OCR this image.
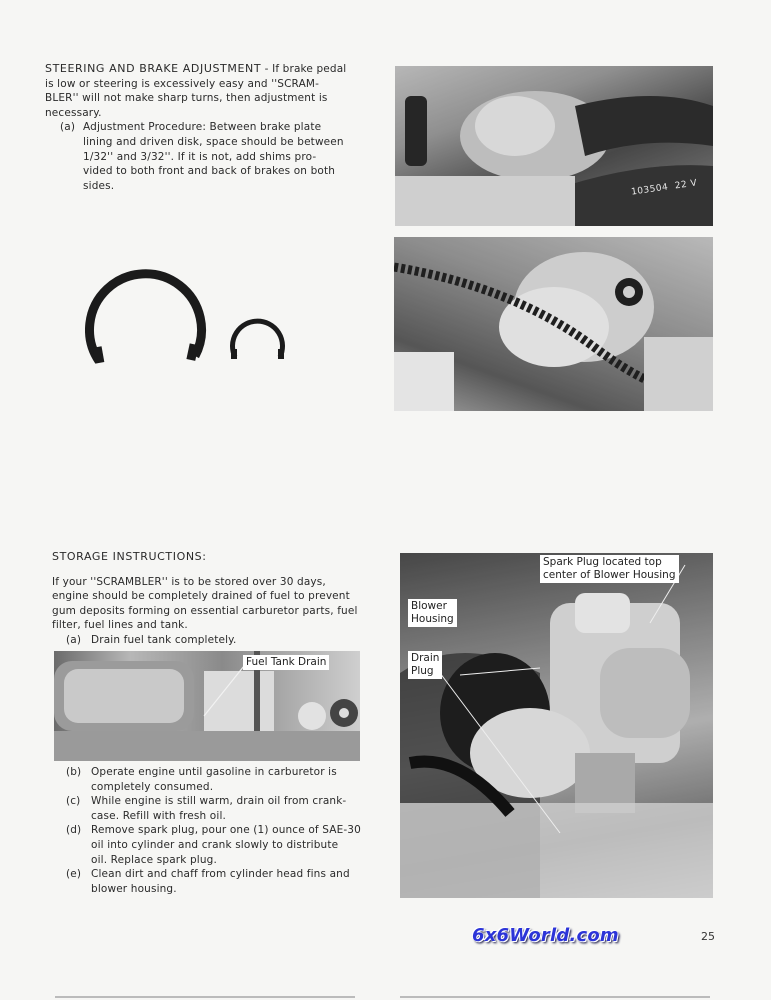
STEERING AND BRAKE ADJUSTMENT - If brake pedal
is low or steering is excessively easy and ''SCRAM-
BLER'' will not make sharp turns, then adjustment is
necessary.
(a) Adjustment Procedure: Between brake plate
lining and driven disk, space should be between
1/32'' and 3/32''. If it is not, add shims pro-
vided to both front and back of brakes on both
sides.	103504 22 V
STORAGE INSTRUCTIONS:
If your ''SCRAMBLER'' is to be stored over 30 days,
engine should be completely drained of fuel to prevent
gum deposits forming on essential carburetor parts, fuel
filter, fuel lines and tank.
(a) Drain fuel tank completely.
Fuel Tank Drain
(b) Operate engine until gasoline in carburetor is
completely consumed.
(c)	While engine is still warm, drain oil from crank-
case. Refill with fresh oil.
(d) Remove spark plug, pour one (1) ounce of SAE-30
oil into cylinder and crank slowly to distribute
oil. Replace spark plug.
(e) Clean dirt and chaff from cylinder head fins and
blower housing.
Spark Plug located top
center of Blower Housing
Blower
Housing
Drain
Plug
6x6World.com	25
